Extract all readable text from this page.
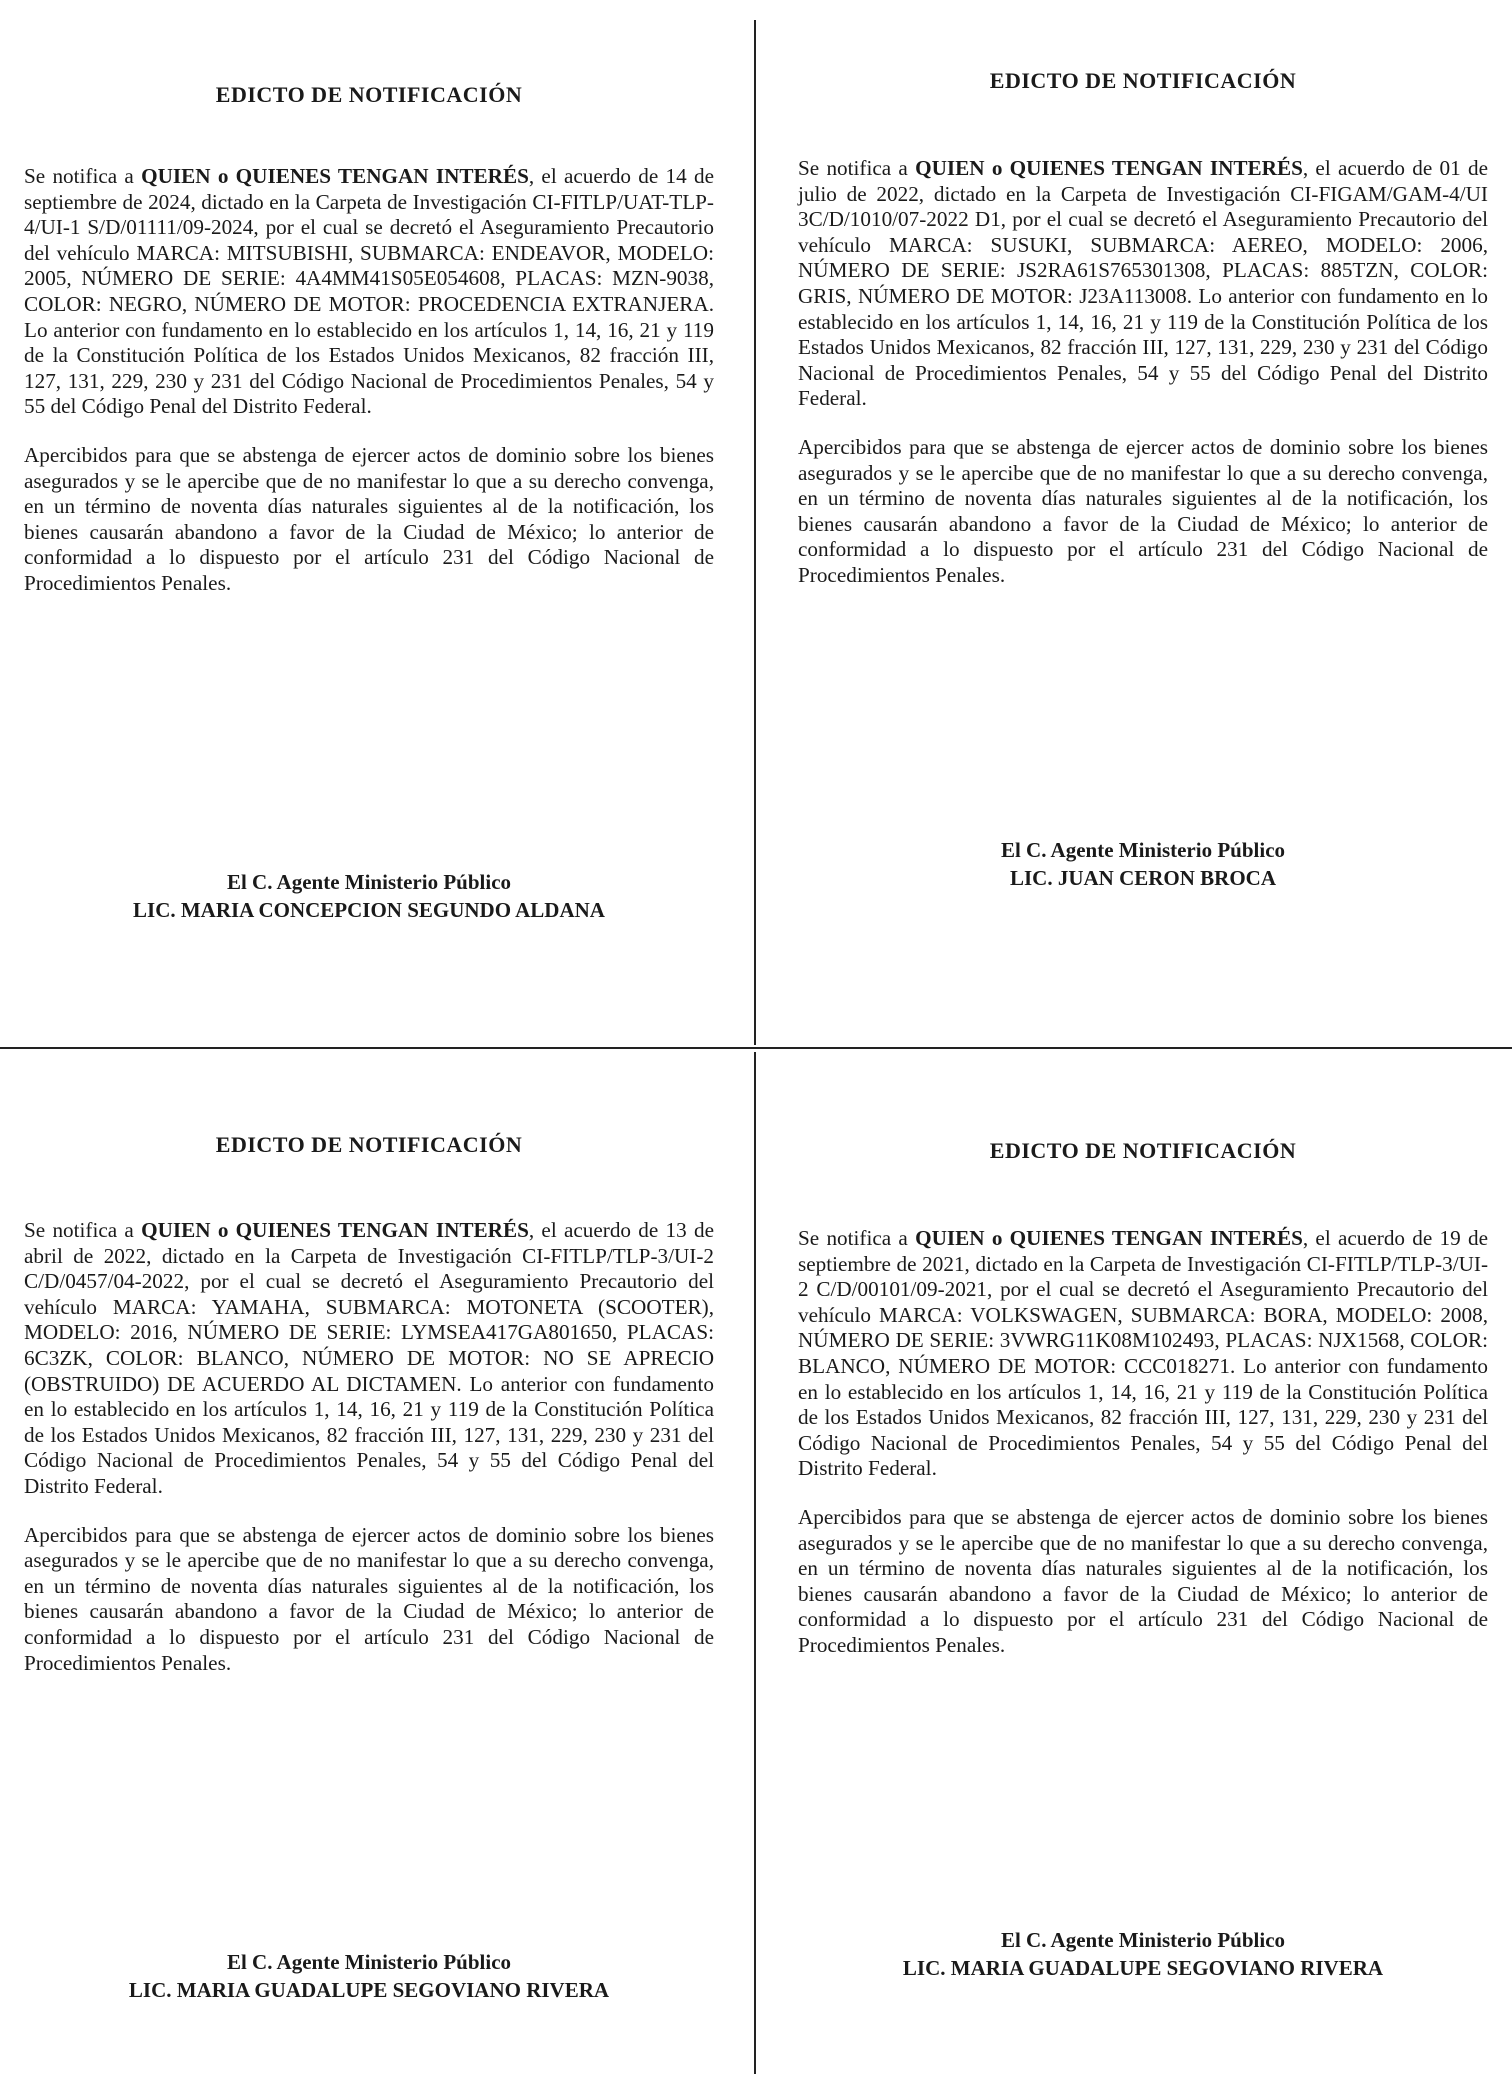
EDICTO DE NOTIFICACIÓN

Se notifica a QUIEN o QUIENES TENGAN INTERÉS, el acuerdo de 14 de septiembre de 2024, dictado en la Carpeta de Investigación CI-FITLP/UAT-TLP-4/UI-1 S/D/01111/09-2024, por el cual se decretó el Aseguramiento Precautorio del vehículo MARCA: MITSUBISHI, SUBMARCA: ENDEAVOR, MODELO: 2005, NÚMERO DE SERIE: 4A4MM41S05E054608, PLACAS: MZN-9038, COLOR: NEGRO, NÚMERO DE MOTOR: PROCEDENCIA EXTRANJERA. Lo anterior con fundamento en lo establecido en los artículos 1, 14, 16, 21 y 119 de la Constitución Política de los Estados Unidos Mexicanos, 82 fracción III, 127, 131, 229, 230 y 231 del Código Nacional de Procedimientos Penales, 54 y 55 del Código Penal del Distrito Federal.

Apercibidos para que se abstenga de ejercer actos de dominio sobre los bienes asegurados y se le apercibe que de no manifestar lo que a su derecho convenga, en un término de noventa días naturales siguientes al de la notificación, los bienes causarán abandono a favor de la Ciudad de México; lo anterior de conformidad a lo dispuesto por el artículo 231 del Código Nacional de Procedimientos Penales.

El C. Agente Ministerio Público
LIC. MARIA CONCEPCION SEGUNDO ALDANA
EDICTO DE NOTIFICACIÓN

Se notifica a QUIEN o QUIENES TENGAN INTERÉS, el acuerdo de 01 de julio de 2022, dictado en la Carpeta de Investigación CI-FIGAM/GAM-4/UI 3C/D/1010/07-2022 D1, por el cual se decretó el Aseguramiento Precautorio del vehículo MARCA: SUSUKI, SUBMARCA: AEREO, MODELO: 2006, NÚMERO DE SERIE: JS2RA61S765301308, PLACAS: 885TZN, COLOR: GRIS, NÚMERO DE MOTOR: J23A113008. Lo anterior con fundamento en lo establecido en los artículos 1, 14, 16, 21 y 119 de la Constitución Política de los Estados Unidos Mexicanos, 82 fracción III, 127, 131, 229, 230 y 231 del Código Nacional de Procedimientos Penales, 54 y 55 del Código Penal del Distrito Federal.

Apercibidos para que se abstenga de ejercer actos de dominio sobre los bienes asegurados y se le apercibe que de no manifestar lo que a su derecho convenga, en un término de noventa días naturales siguientes al de la notificación, los bienes causarán abandono a favor de la Ciudad de México; lo anterior de conformidad a lo dispuesto por el artículo 231 del Código Nacional de Procedimientos Penales.

El C. Agente Ministerio Público
LIC. JUAN CERON BROCA
EDICTO DE NOTIFICACIÓN

Se notifica a QUIEN o QUIENES TENGAN INTERÉS, el acuerdo de 13 de abril de 2022, dictado en la Carpeta de Investigación CI-FITLP/TLP-3/UI-2 C/D/0457/04-2022, por el cual se decretó el Aseguramiento Precautorio del vehículo MARCA: YAMAHA, SUBMARCA: MOTONETA (SCOOTER), MODELO: 2016, NÚMERO DE SERIE: LYMSEA417GA801650, PLACAS: 6C3ZK, COLOR: BLANCO, NÚMERO DE MOTOR: NO SE APRECIO (OBSTRUIDO) DE ACUERDO AL DICTAMEN. Lo anterior con fundamento en lo establecido en los artículos 1, 14, 16, 21 y 119 de la Constitución Política de los Estados Unidos Mexicanos, 82 fracción III, 127, 131, 229, 230 y 231 del Código Nacional de Procedimientos Penales, 54 y 55 del Código Penal del Distrito Federal.

Apercibidos para que se abstenga de ejercer actos de dominio sobre los bienes asegurados y se le apercibe que de no manifestar lo que a su derecho convenga, en un término de noventa días naturales siguientes al de la notificación, los bienes causarán abandono a favor de la Ciudad de México; lo anterior de conformidad a lo dispuesto por el artículo 231 del Código Nacional de Procedimientos Penales.

El C. Agente Ministerio Público
LIC. MARIA GUADALUPE SEGOVIANO RIVERA
EDICTO DE NOTIFICACIÓN

Se notifica a QUIEN o QUIENES TENGAN INTERÉS, el acuerdo de 19 de septiembre de 2021, dictado en la Carpeta de Investigación CI-FITLP/TLP-3/UI-2 C/D/00101/09-2021, por el cual se decretó el Aseguramiento Precautorio del vehículo MARCA: VOLKSWAGEN, SUBMARCA: BORA, MODELO: 2008, NÚMERO DE SERIE: 3VWRG11K08M102493, PLACAS: NJX1568, COLOR: BLANCO, NÚMERO DE MOTOR: CCC018271. Lo anterior con fundamento en lo establecido en los artículos 1, 14, 16, 21 y 119 de la Constitución Política de los Estados Unidos Mexicanos, 82 fracción III, 127, 131, 229, 230 y 231 del Código Nacional de Procedimientos Penales, 54 y 55 del Código Penal del Distrito Federal.

Apercibidos para que se abstenga de ejercer actos de dominio sobre los bienes asegurados y se le apercibe que de no manifestar lo que a su derecho convenga, en un término de noventa días naturales siguientes al de la notificación, los bienes causarán abandono a favor de la Ciudad de México; lo anterior de conformidad a lo dispuesto por el artículo 231 del Código Nacional de Procedimientos Penales.

El C. Agente Ministerio Público
LIC. MARIA GUADALUPE SEGOVIANO RIVERA
